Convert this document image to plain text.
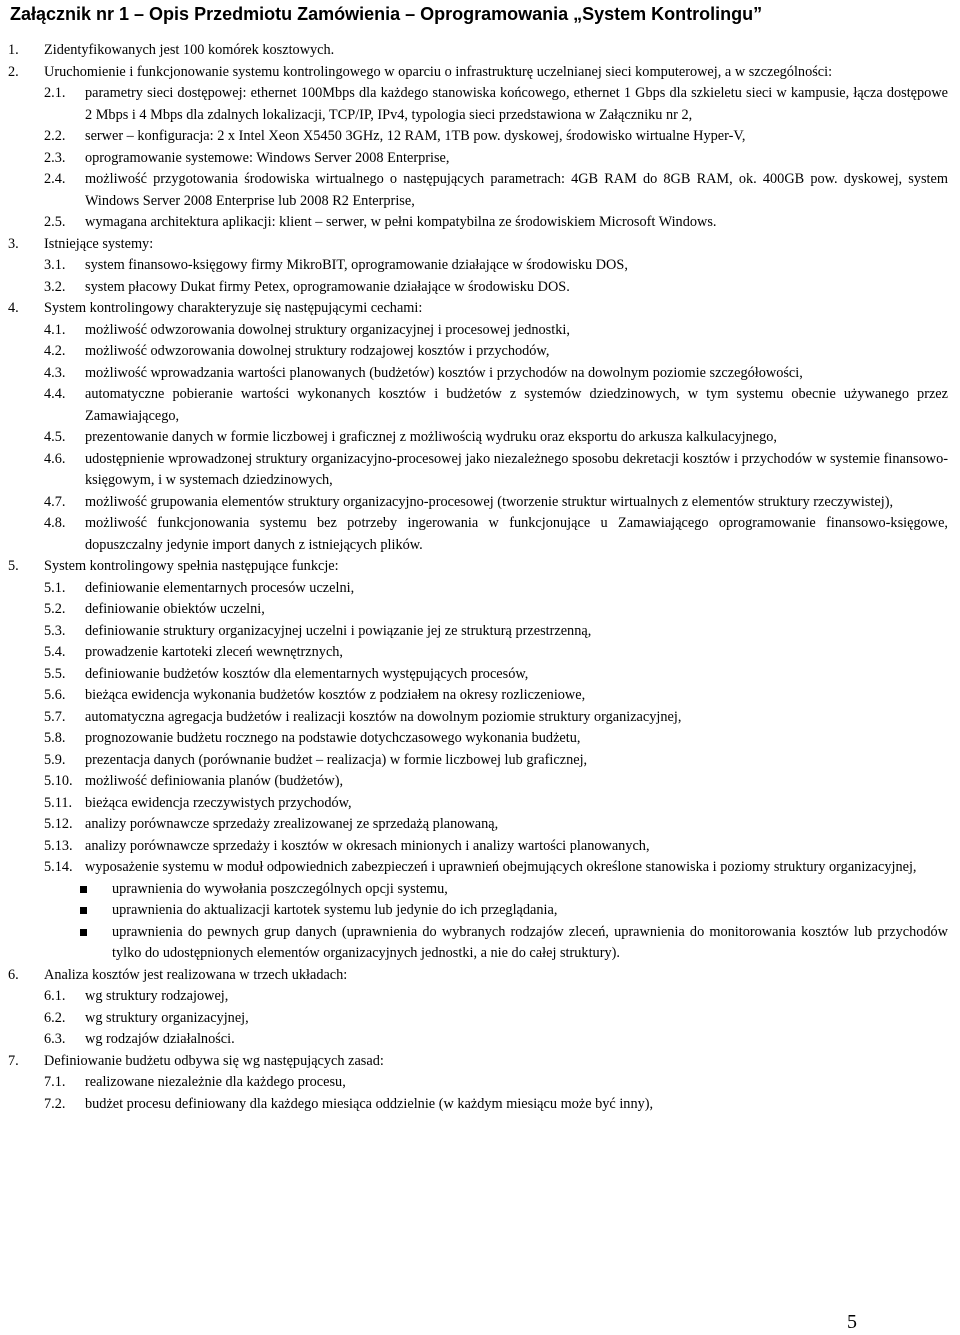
Załącznik nr 1 – Opis Przedmiotu Zamówienia – Oprogramowania „System Kontrolingu”
1. Zidentyfikowanych jest 100 komórek kosztowych.
2. Uruchomienie i funkcjonowanie systemu kontrolingowego w oparciu o infrastrukturę uczelnianej sieci komputerowej, a w szczególności:
2.1. parametry sieci dostępowej: ethernet 100Mbps dla każdego stanowiska końcowego, ethernet 1 Gbps dla szkieletu sieci w kampusie, łącza dostępowe 2 Mbps i 4 Mbps dla zdalnych lokalizacji, TCP/IP, IPv4, typologia sieci przedstawiona w Załączniku nr 2,
2.2. serwer – konfiguracja: 2 x Intel Xeon X5450 3GHz, 12 RAM, 1TB pow. dyskowej, środowisko wirtualne Hyper-V,
2.3. oprogramowanie systemowe: Windows Server 2008 Enterprise,
2.4. możliwość przygotowania środowiska wirtualnego o następujących parametrach: 4GB RAM do 8GB RAM, ok. 400GB pow. dyskowej, system Windows Server 2008 Enterprise lub 2008 R2 Enterprise,
2.5. wymagana architektura aplikacji: klient – serwer, w pełni kompatybilna ze środowiskiem Microsoft Windows.
3. Istniejące systemy:
3.1. system finansowo-księgowy firmy MikroBIT, oprogramowanie działające w środowisku DOS,
3.2. system płacowy Dukat firmy Petex, oprogramowanie działające w środowisku DOS.
4. System kontrolingowy charakteryzuje się następującymi cechami:
4.1. możliwość odwzorowania dowolnej struktury organizacyjnej i procesowej jednostki,
4.2. możliwość odwzorowania dowolnej struktury rodzajowej kosztów i przychodów,
4.3. możliwość wprowadzania wartości planowanych (budżetów) kosztów i przychodów na dowolnym poziomie szczegółowości,
4.4. automatyczne pobieranie wartości wykonanych kosztów i budżetów z systemów dziedzinowych, w tym systemu obecnie używanego przez Zamawiającego,
4.5. prezentowanie danych w formie liczbowej i graficznej z możliwością wydruku oraz eksportu do arkusza kalkulacyjnego,
4.6. udostępnienie wprowadzonej struktury organizacyjno-procesowej jako niezależnego sposobu dekretacji kosztów i przychodów w systemie finansowo-księgowym, i w systemach dziedzinowych,
4.7. możliwość grupowania elementów struktury organizacyjno-procesowej (tworzenie struktur wirtualnych z elementów struktury rzeczywistej),
4.8. możliwość funkcjonowania systemu bez potrzeby ingerowania w funkcjonujące u Zamawiającego oprogramowanie finansowo-księgowe, dopuszczalny jedynie import danych z istniejących plików.
5. System kontrolingowy spełnia następujące funkcje:
5.1. definiowanie elementarnych procesów uczelni,
5.2. definiowanie obiektów uczelni,
5.3. definiowanie struktury organizacyjnej uczelni i powiązanie jej ze strukturą przestrzenną,
5.4. prowadzenie kartoteki zleceń wewnętrznych,
5.5. definiowanie budżetów kosztów dla elementarnych występujących procesów,
5.6. bieżąca ewidencja wykonania budżetów kosztów z podziałem na okresy rozliczeniowe,
5.7. automatyczna agregacja budżetów i realizacji kosztów na dowolnym poziomie struktury organizacyjnej,
5.8. prognozowanie budżetu rocznego na podstawie dotychczasowego wykonania budżetu,
5.9. prezentacja danych (porównanie budżet – realizacja) w formie liczbowej lub graficznej,
5.10. możliwość definiowania planów (budżetów),
5.11. bieżąca ewidencja rzeczywistych przychodów,
5.12. analizy porównawcze sprzedaży zrealizowanej ze sprzedażą planowaną,
5.13. analizy porównawcze sprzedaży i kosztów w okresach minionych i analizy wartości planowanych,
5.14. wyposażenie systemu w moduł odpowiednich zabezpieczeń i uprawnień obejmujących określone stanowiska i poziomy struktury organizacyjnej,
uprawnienia do wywołania poszczególnych opcji systemu,
uprawnienia do aktualizacji kartotek systemu lub jedynie do ich przeglądania,
uprawnienia do pewnych grup danych (uprawnienia do wybranych rodzajów zleceń, uprawnienia do monitorowania kosztów lub przychodów tylko do udostępnionych elementów organizacyjnych jednostki, a nie do całej struktury).
6. Analiza kosztów jest realizowana w trzech układach:
6.1. wg struktury rodzajowej,
6.2. wg struktury organizacyjnej,
6.3. wg rodzajów działalności.
7. Definiowanie budżetu odbywa się wg następujących zasad:
7.1. realizowane niezależnie dla każdego procesu,
7.2. budżet procesu definiowany dla każdego miesiąca oddzielnie (w każdym miesiącu może być inny),
5
